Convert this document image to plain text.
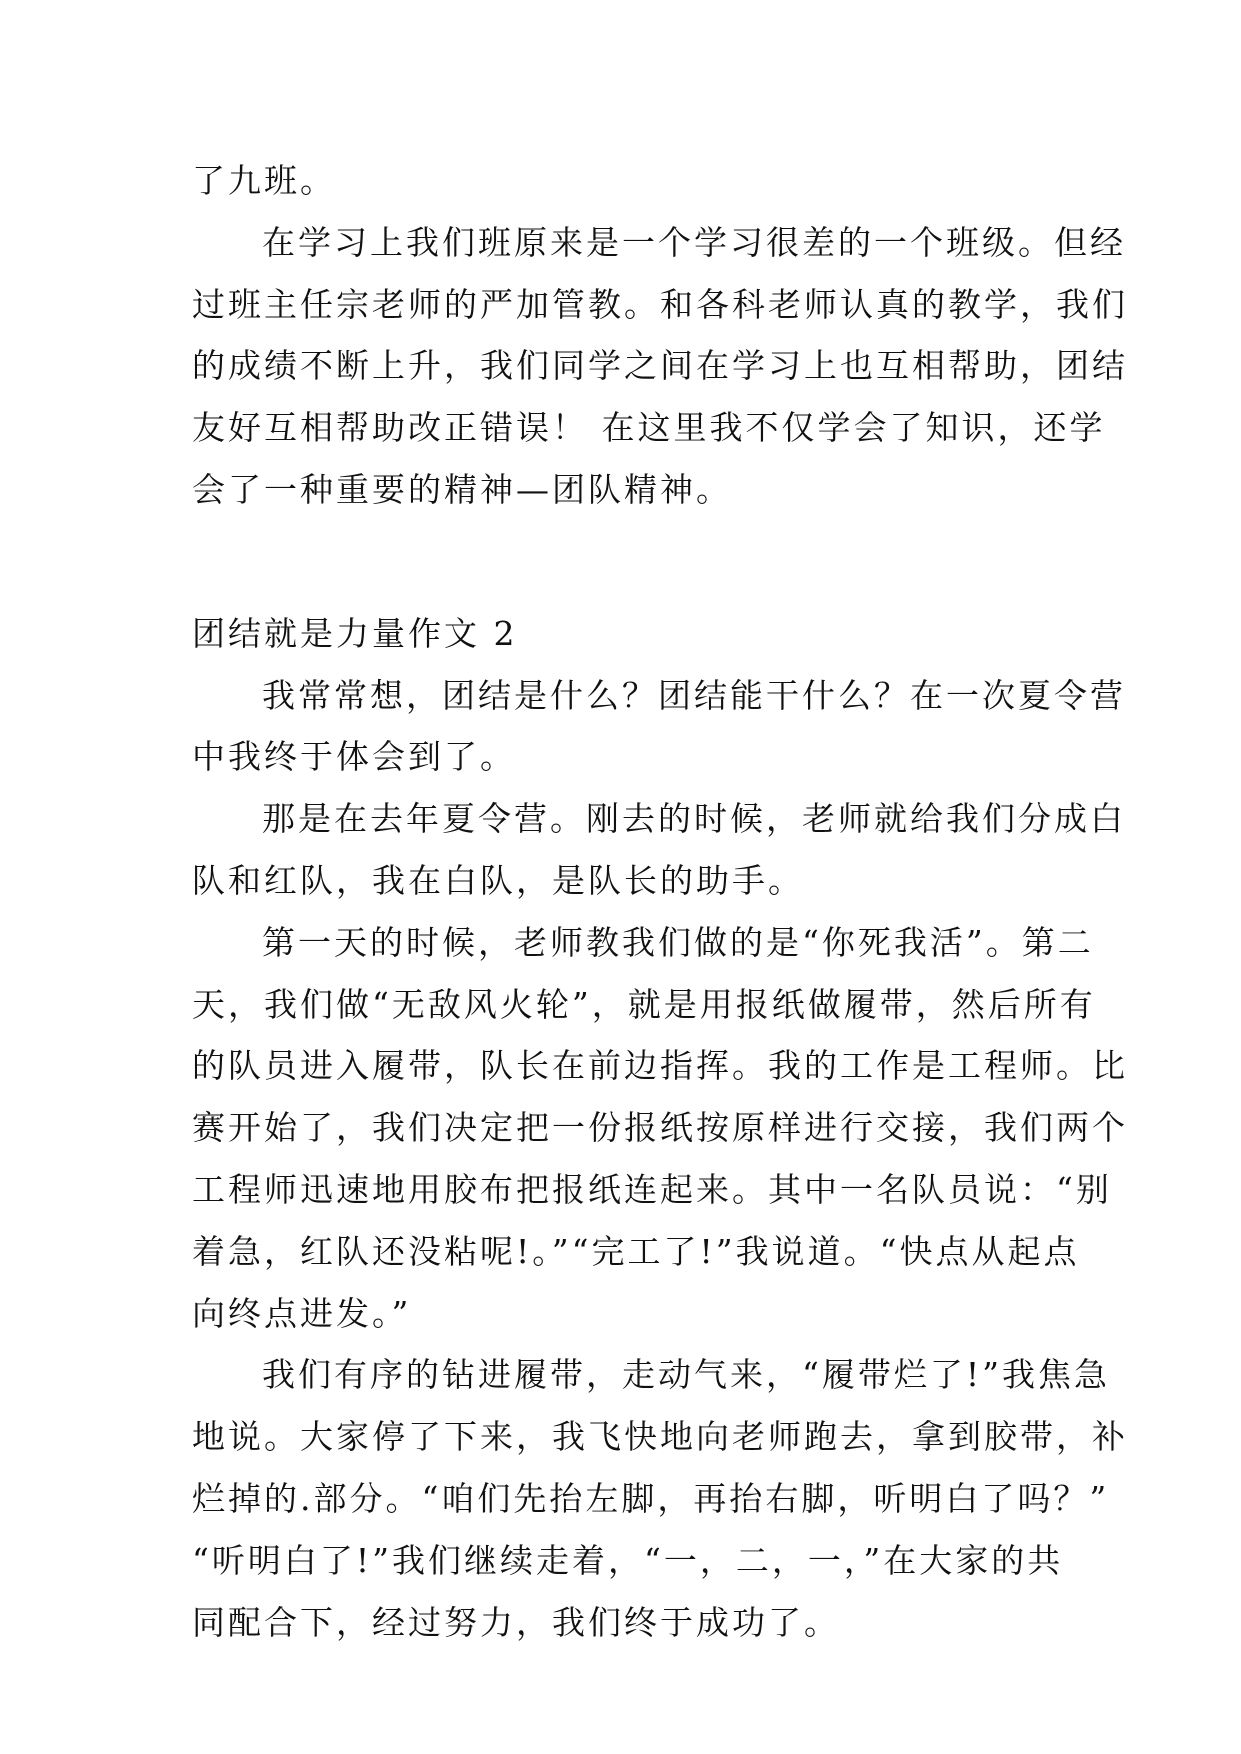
了九班。
在学习上我们班原来是一个学习很差的一个班级。但经
过班主任宗老师的严加管教。和各科老师认真的教学，我们
的成绩不断上升，我们同学之间在学习上也互相帮助，团结
友好互相帮助改正错误！ 在这里我不仅学会了知识，还学
会了一种重要的精神—团队精神。
团结就是力量作文 2
我常常想，团结是什么？团结能干什么？在一次夏令营
中我终于体会到了。
那是在去年夏令营。刚去的时候，老师就给我们分成白
队和红队，我在白队，是队长的助手。
第一天的时候，老师教我们做的是“你死我活”。第二
天，我们做“无敌风火轮”，就是用报纸做履带，然后所有
的队员进入履带，队长在前边指挥。我的工作是工程师。比
赛开始了，我们决定把一份报纸按原样进行交接，我们两个
工程师迅速地用胶布把报纸连起来。其中一名队员说：“别
着急，红队还没粘呢!。”“完工了!”我说道。“快点从起点
向终点进发。”
我们有序的钻进履带，走动气来，“履带烂了!”我焦急
地说。大家停了下来，我飞快地向老师跑去，拿到胶带，补
烂掉的.部分。“咱们先抬左脚，再抬右脚，听明白了吗？”
“听明白了!”我们继续走着，“一，二，一，”在大家的共
同配合下，经过努力，我们终于成功了。
